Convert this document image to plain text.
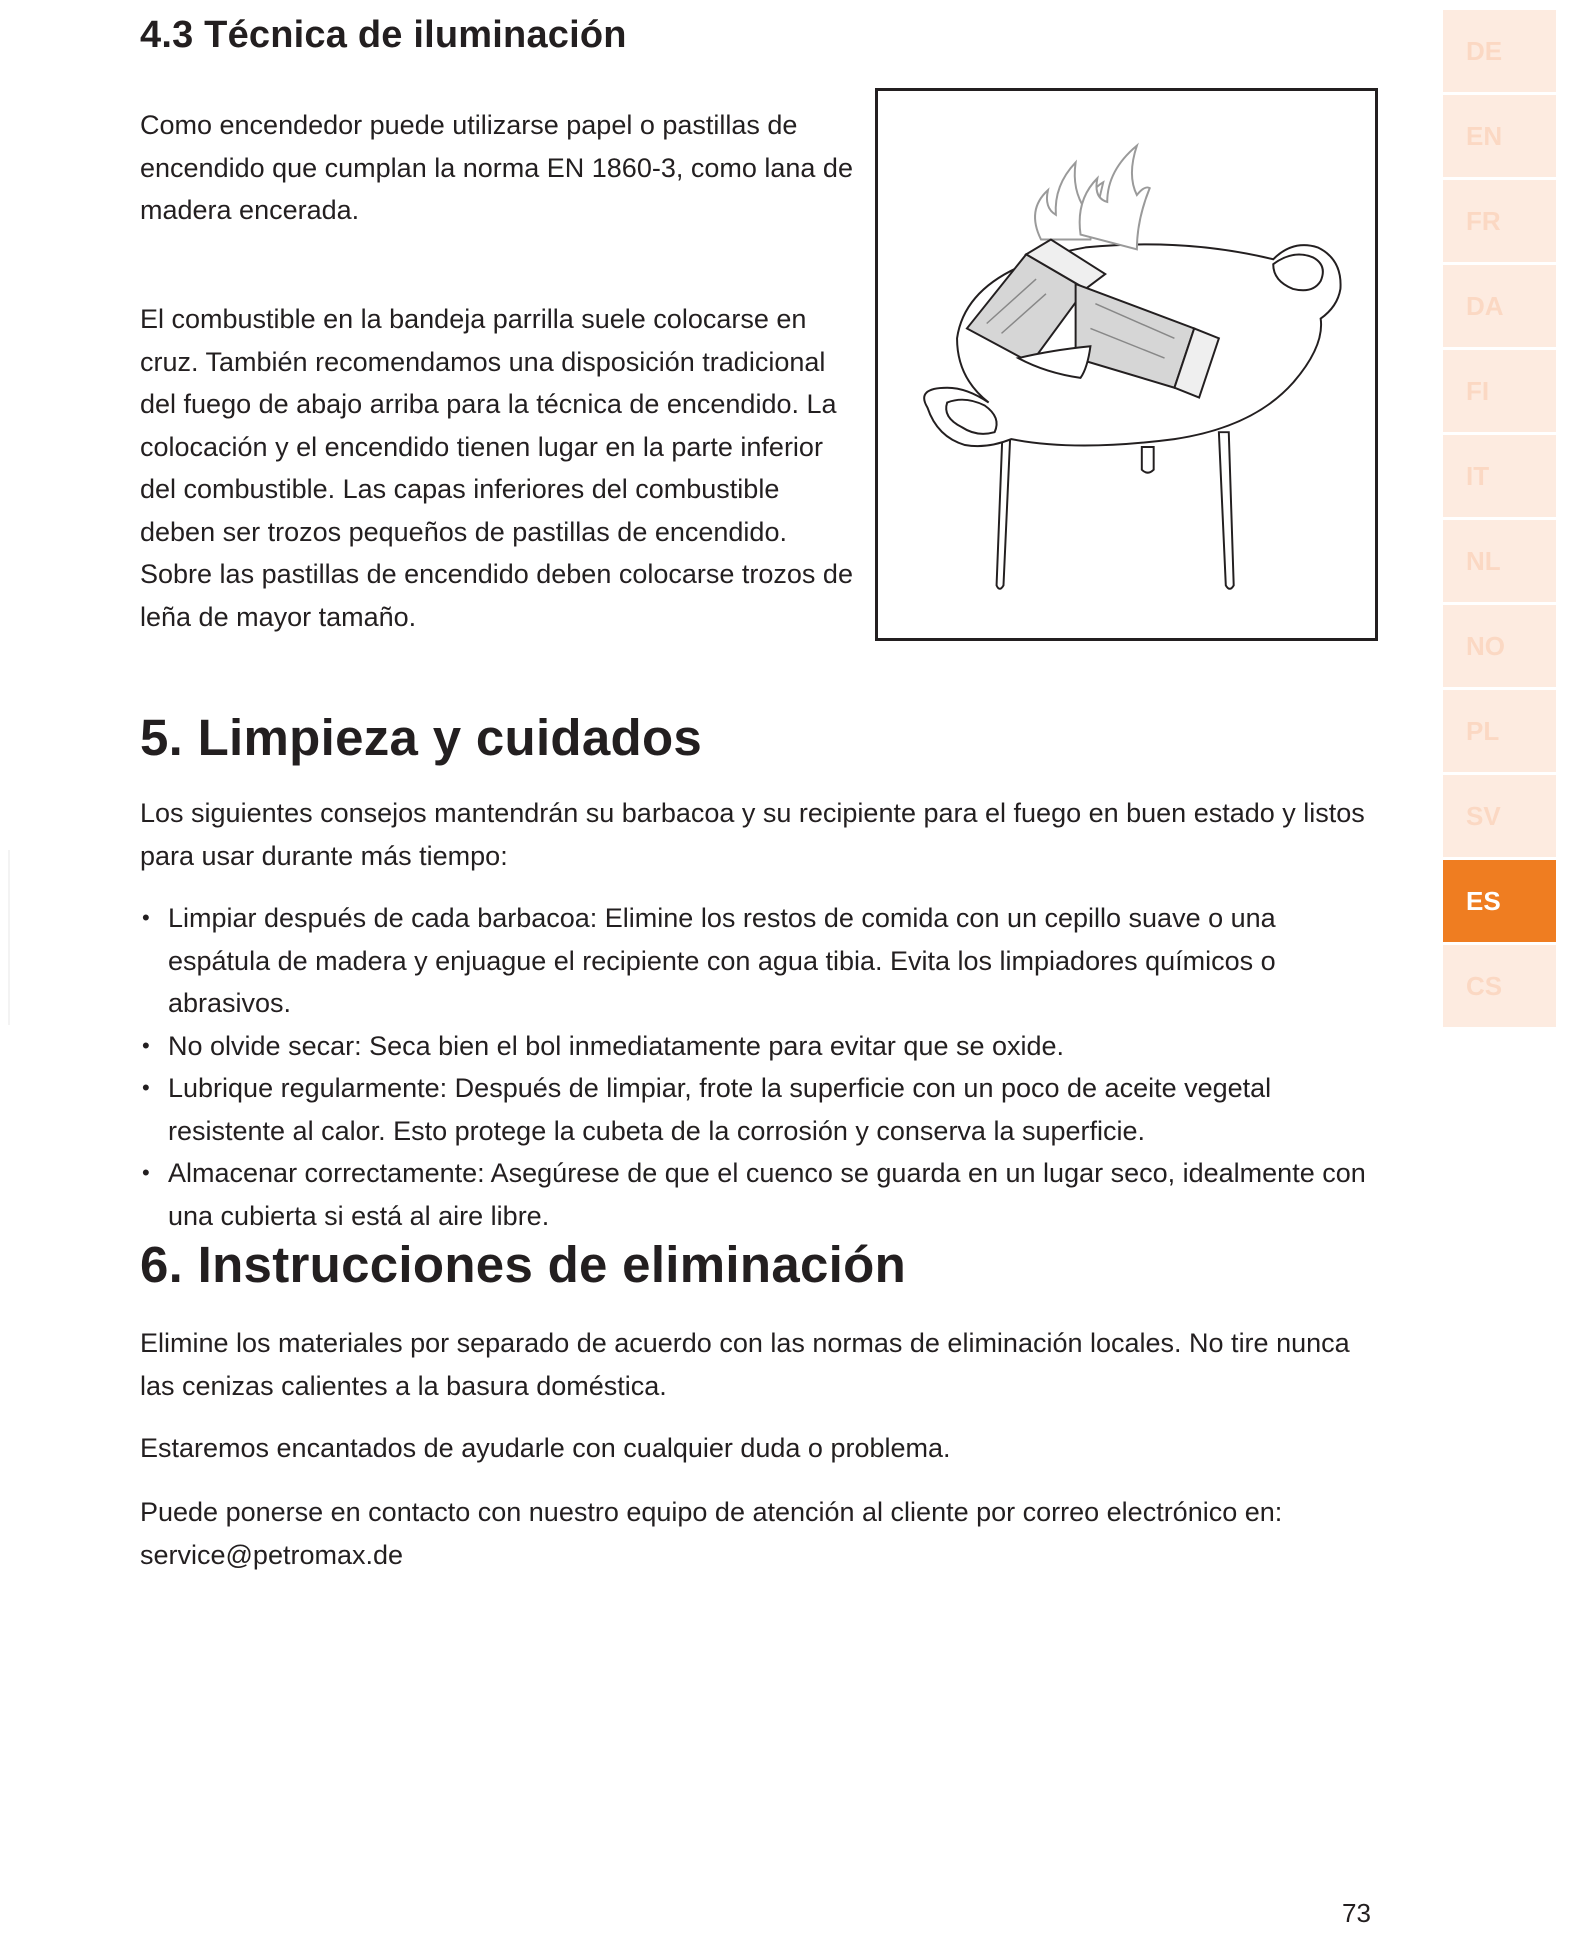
4.3 Técnica de iluminación

Como encendedor puede utilizarse papel o pastillas de encendido que cumplan la norma EN 1860-3, como lana de madera encerada.

El combustible en la bandeja parrilla suele colocarse en cruz. También recomendamos una disposición tradicional del fuego de abajo arriba para la técnica de encendido. La colocación y el encendido tienen lugar en la parte inferior del combustible. Las capas inferiores del combustible deben ser trozos pequeños de pastillas de encendido. Sobre las pastillas de encendido deben colocarse trozos de leña de mayor tamaño.

5. Limpieza y cuidados

Los siguientes consejos mantendrán su barbacoa y su recipiente para el fuego en buen estado y listos para usar durante más tiempo:

• Limpiar después de cada barbacoa: Elimine los restos de comida con un cepillo suave o una espátula de madera y enjuague el recipiente con agua tibia. Evita los limpiadores químicos o abrasivos.
• No olvide secar: Seca bien el bol inmediatamente para evitar que se oxide.
• Lubrique regularmente: Después de limpiar, frote la superficie con un poco de aceite vegetal resistente al calor. Esto protege la cubeta de la corrosión y conserva la superficie.
• Almacenar correctamente: Asegúrese de que el cuenco se guarda en un lugar seco, idealmente con una cubierta si está al aire libre.
6. Instrucciones de eliminación

Elimine los materiales por separado de acuerdo con las normas de eliminación locales. No tire nunca las cenizas calientes a la basura doméstica.

Estaremos encantados de ayudarle con cualquier duda o problema.

Puede ponerse en contacto con nuestro equipo de atención al cliente por correo electrónico en:
service@petromax.de
DE
EN
FR
DA
FI
IT
NL
NO
PL
SV
ES
CS
73
